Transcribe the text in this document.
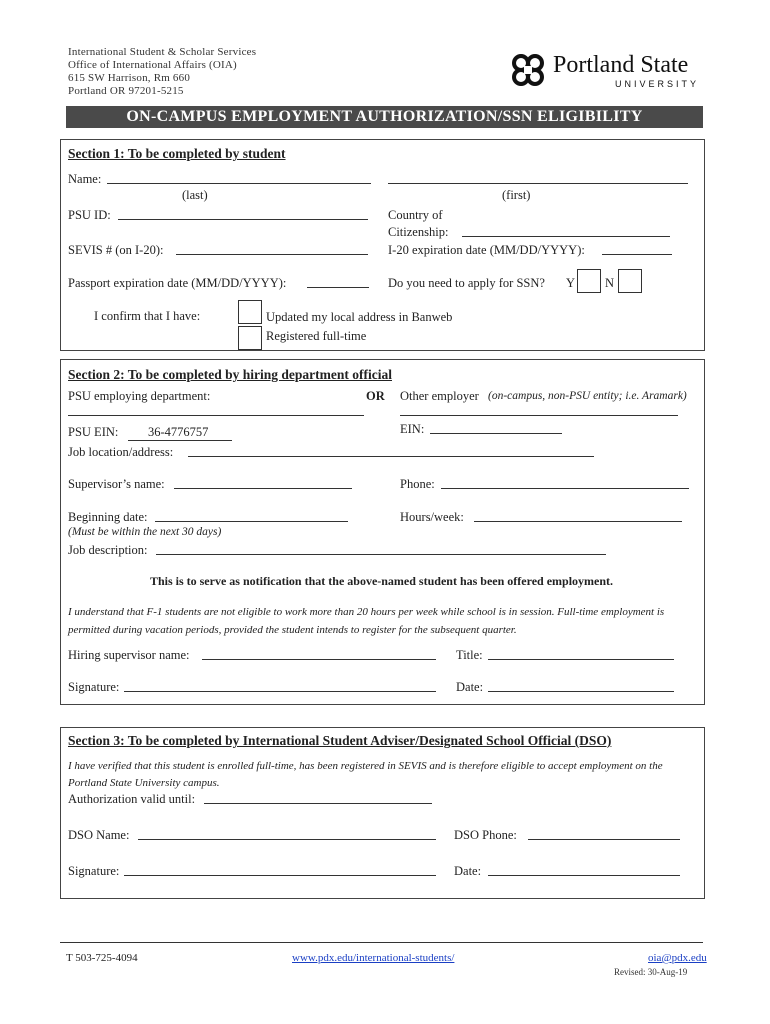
International Student & Scholar Services
Office of International Affairs (OIA)
615 SW Harrison, Rm 660
Portland OR 97201-5215
Portland State
UNIVERSITY
ON-CAMPUS EMPLOYMENT AUTHORIZATION/SSN ELIGIBILITY
Section 1: To be completed by student
Name:
(last)	(first)
PSU ID:	Country of
Citizenship:
SEVIS # (on I-20):	I-20 expiration date (MM/DD/YYYY):
Passport expiration date (MM/DD/YYYY):	Do you need to apply for SSN? Y N
I confirm that I have:	Updated my local address in Banweb
Registered full-time
Section 2: To be completed by hiring department official
PSU employing department:	OR Other employer (on-campus, non-PSU entity; i.e. Aramark)
PSU EIN:	36-4776757	EIN:
Job location/address:
Supervisor’s name:	Phone:
Beginning date:	Hours/week:
(Must be within the next 30 days)
Job description:
This is to serve as notification that the above-named student has been offered employment.
I understand that F-1 students are not eligible to work more than 20 hours per week while school is in session. Full-time employment is
permitted during vacation periods, provided the student intends to register for the subsequent quarter.
Hiring supervisor name:	Title:
Signature:	Date:
Section 3: To be completed by International Student Adviser/Designated School Official (DSO)
I have verified that this student is enrolled full-time, has been registered in SEVIS and is therefore eligible to accept employment on the
Portland State University campus.
Authorization valid until:
DSO Name:	DSO Phone:
Signature:	Date:
T 503-725-4094	www.pdx.edu/international-students/	oia@pdx.edu
Revised: 30-Aug-19
